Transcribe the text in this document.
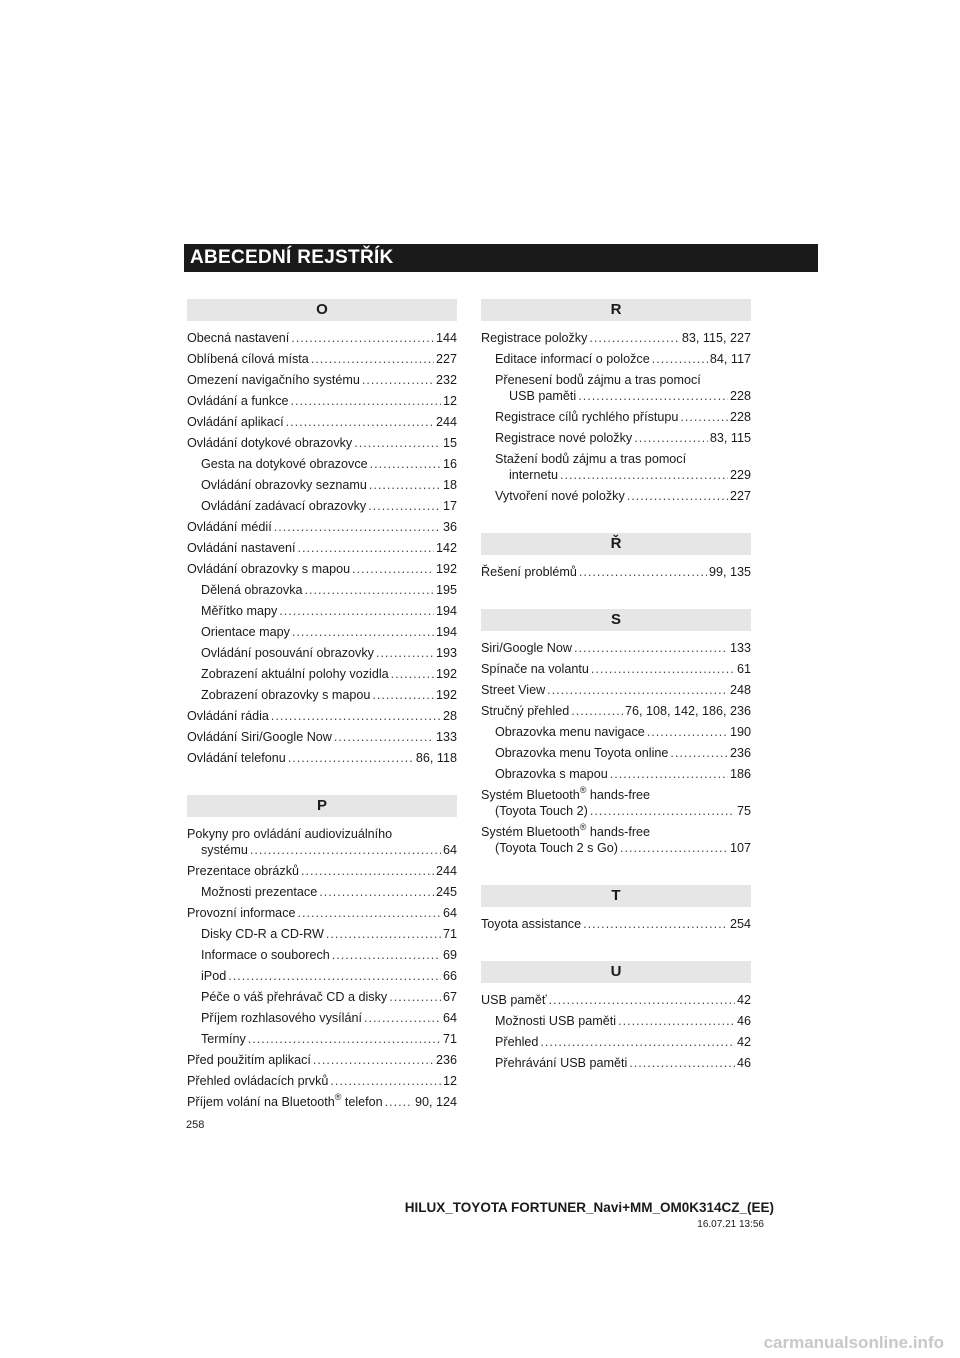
ABECEDNÍ REJSTŘÍK
O
Obecná nastavení .....	144
Oblíbená cílová místa .....	227
Omezení navigačního systému .....	232
Ovládání a funkce .....	12
Ovládání aplikací .....	244
Ovládání dotykové obrazovky .....	15
Gesta na dotykové obrazovce .....	16
Ovládání obrazovky seznamu .....	18
Ovládání zadávací obrazovky .....	17
Ovládání médií .....	36
Ovládání nastavení .....	142
Ovládání obrazovky s mapou .....	192
Dělená obrazovka .....	195
Měřítko mapy .....	194
Orientace mapy .....	194
Ovládání posouvání obrazovky .....	193
Zobrazení aktuální polohy vozidla .....	192
Zobrazení obrazovky s mapou .....	192
Ovládání rádia .....	28
Ovládání Siri/Google Now .....	133
Ovládání telefonu .....	86, 118
P
Pokyny pro ovládání audiovizuálního
systému .....	64
Prezentace obrázků .....	244
Možnosti prezentace .....	245
Provozní informace .....	64
Disky CD-R a CD-RW .....	71
Informace o souborech .....	69
iPod .....	66
Péče o váš přehrávač CD a disky .....	67
Příjem rozhlasového vysílání .....	64
Termíny .....	71
Před použitím aplikací .....	236
Přehled ovládacích prvků .....	12
Příjem volání na Bluetooth® telefon .....	90, 124
R
Registrace položky .....	83, 115, 227
Editace informací o položce .....	84, 117
Přenesení bodů zájmu a tras pomocí
USB paměti .....	228
Registrace cílů rychlého přístupu .....	228
Registrace nové položky .....	83, 115
Stažení bodů zájmu a tras pomocí
internetu .....	229
Vytvoření nové položky .....	227
Ř
Řešení problémů .....	99, 135
S
Siri/Google Now .....	133
Spínače na volantu .....	61
Street View .....	248
Stručný přehled .....	76, 108, 142, 186, 236
Obrazovka menu navigace .....	190
Obrazovka menu Toyota online .....	236
Obrazovka s mapou .....	186
Systém Bluetooth® hands-free
(Toyota Touch 2) .....	75
Systém Bluetooth® hands-free
(Toyota Touch 2 s Go) .....	107
T
Toyota assistance .....	254
U
USB paměť .....	42
Možnosti USB paměti .....	46
Přehled .....	42
Přehrávání USB paměti .....	46
258
HILUX_TOYOTA FORTUNER_Navi+MM_OM0K314CZ_(EE)
16.07.21 13:56
carmanualsonline.info
